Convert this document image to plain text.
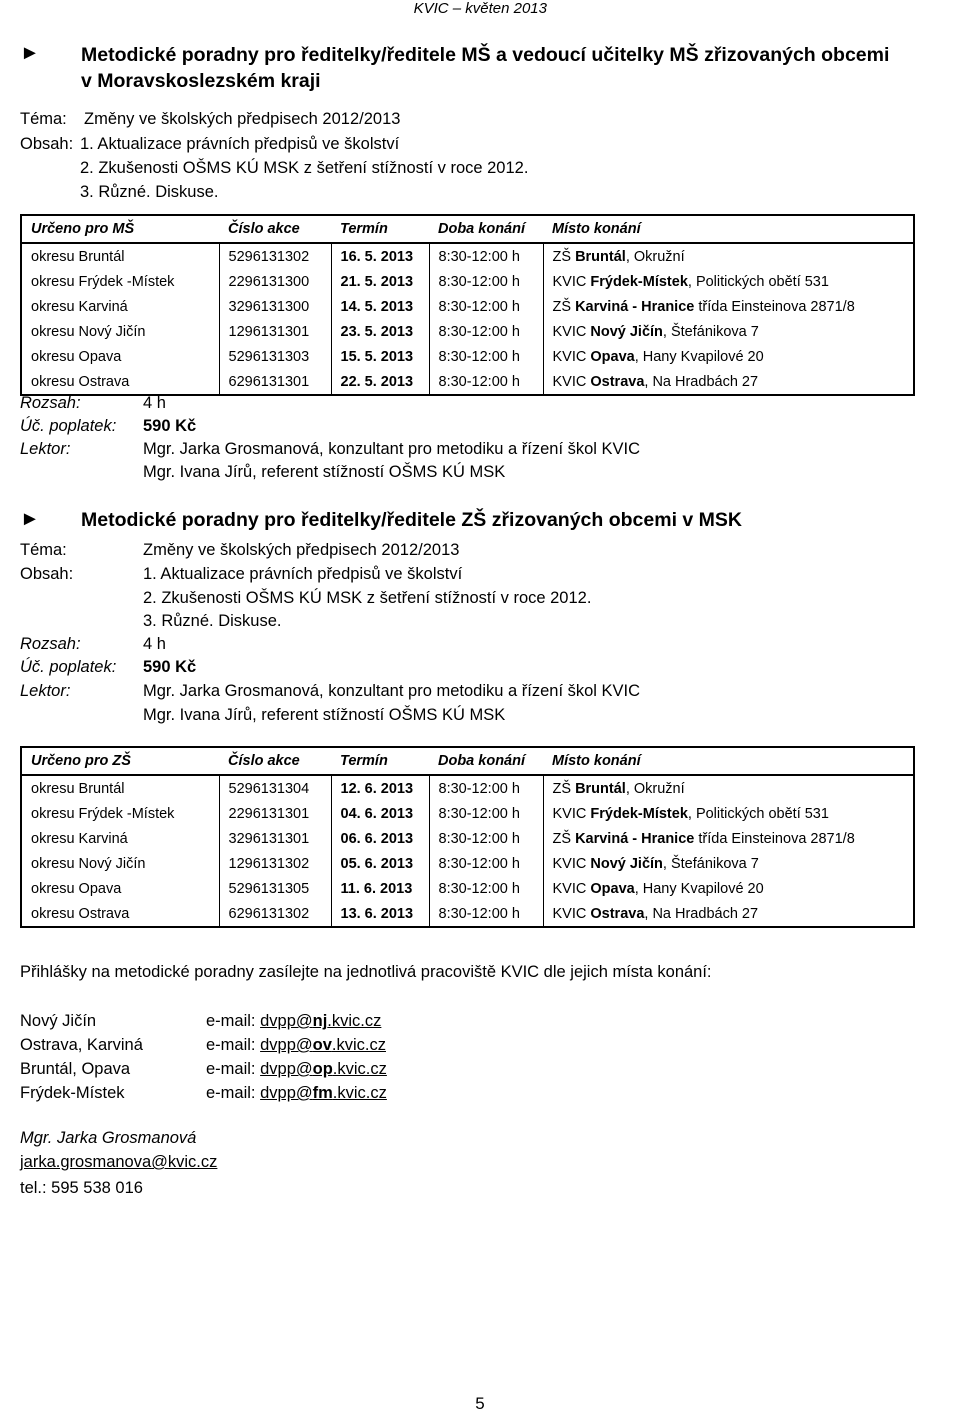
KVIC – květen 2013
► Metodické poradny pro ředitelky/ředitele MŠ a vedoucí učitelky MŠ zřizovaných obcemi
v Moravskoslezském kraji
Téma: Změny ve školských předpisech 2012/2013
Obsah: 1. Aktualizace právních předpisů ve školství
2. Zkušenosti OŠMS KÚ MSK z šetření stížností v roce 2012.
3. Různé. Diskuse.
Určeno pro MŠ	Číslo akce	Termín	Doba konání	Místo konání
okresu Bruntál	5296131302	16. 5. 2013	8:30-12:00 h	ZŠ Bruntál, Okružní
okresu Frýdek -Místek	2296131300	21. 5. 2013	8:30-12:00 h	KVIC Frýdek-Místek, Politických obětí 531
okresu Karviná	3296131300	14. 5. 2013	8:30-12:00 h	ZŠ Karviná - Hranice třída Einsteinova 2871/8
okresu Nový Jičín	1296131301	23. 5. 2013	8:30-12:00 h	KVIC Nový Jičín, Štefánikova 7
okresu Opava	5296131303	15. 5. 2013	8:30-12:00 h	KVIC Opava, Hany Kvapilové 20
okresu Ostrava	6296131301	22. 5. 2013	8:30-12:00 h	KVIC Ostrava, Na Hradbách 27
Rozsah:	4 h
Úč. poplatek: 590 Kč
Lektor:	Mgr. Jarka Grosmanová, konzultant pro metodiku a řízení škol KVIC
Mgr. Ivana Jírů, referent stížností OŠMS KÚ MSK
► Metodické poradny pro ředitelky/ředitele ZŠ zřizovaných obcemi v MSK
Téma:	Změny ve školských předpisech 2012/2013
Obsah:	1. Aktualizace právních předpisů ve školství
2. Zkušenosti OŠMS KÚ MSK z šetření stížností v roce 2012.
3. Různé. Diskuse.
Rozsah:	4 h
Úč. poplatek: 590 Kč
Lektor:	Mgr. Jarka Grosmanová, konzultant pro metodiku a řízení škol KVIC
Mgr. Ivana Jírů, referent stížností OŠMS KÚ MSK
Určeno pro ZŠ	Číslo akce	Termín	Doba konání	Místo konání
okresu Bruntál	5296131304	12. 6. 2013	8:30-12:00 h	ZŠ Bruntál, Okružní
okresu Frýdek -Místek	2296131301	04. 6. 2013	8:30-12:00 h	KVIC Frýdek-Místek, Politických obětí 531
okresu Karviná	3296131301	06. 6. 2013	8:30-12:00 h	ZŠ Karviná - Hranice třída Einsteinova 2871/8
okresu Nový Jičín	1296131302	05. 6. 2013	8:30-12:00 h	KVIC Nový Jičín, Štefánikova 7
okresu Opava	5296131305	11. 6. 2013	8:30-12:00 h	KVIC Opava, Hany Kvapilové 20
okresu Ostrava	6296131302	13. 6. 2013	8:30-12:00 h	KVIC Ostrava, Na Hradbách 27
Přihlášky na metodické poradny zasílejte na jednotlivá pracoviště KVIC dle jejich místa konání:
Nový Jičín	e-mail: dvpp@nj.kvic.cz
Ostrava, Karviná	e-mail: dvpp@ov.kvic.cz
Bruntál, Opava	e-mail: dvpp@op.kvic.cz
Frýdek-Místek	e-mail: dvpp@fm.kvic.cz
Mgr. Jarka Grosmanová
jarka.grosmanova@kvic.cz
tel.: 595 538 016
5
